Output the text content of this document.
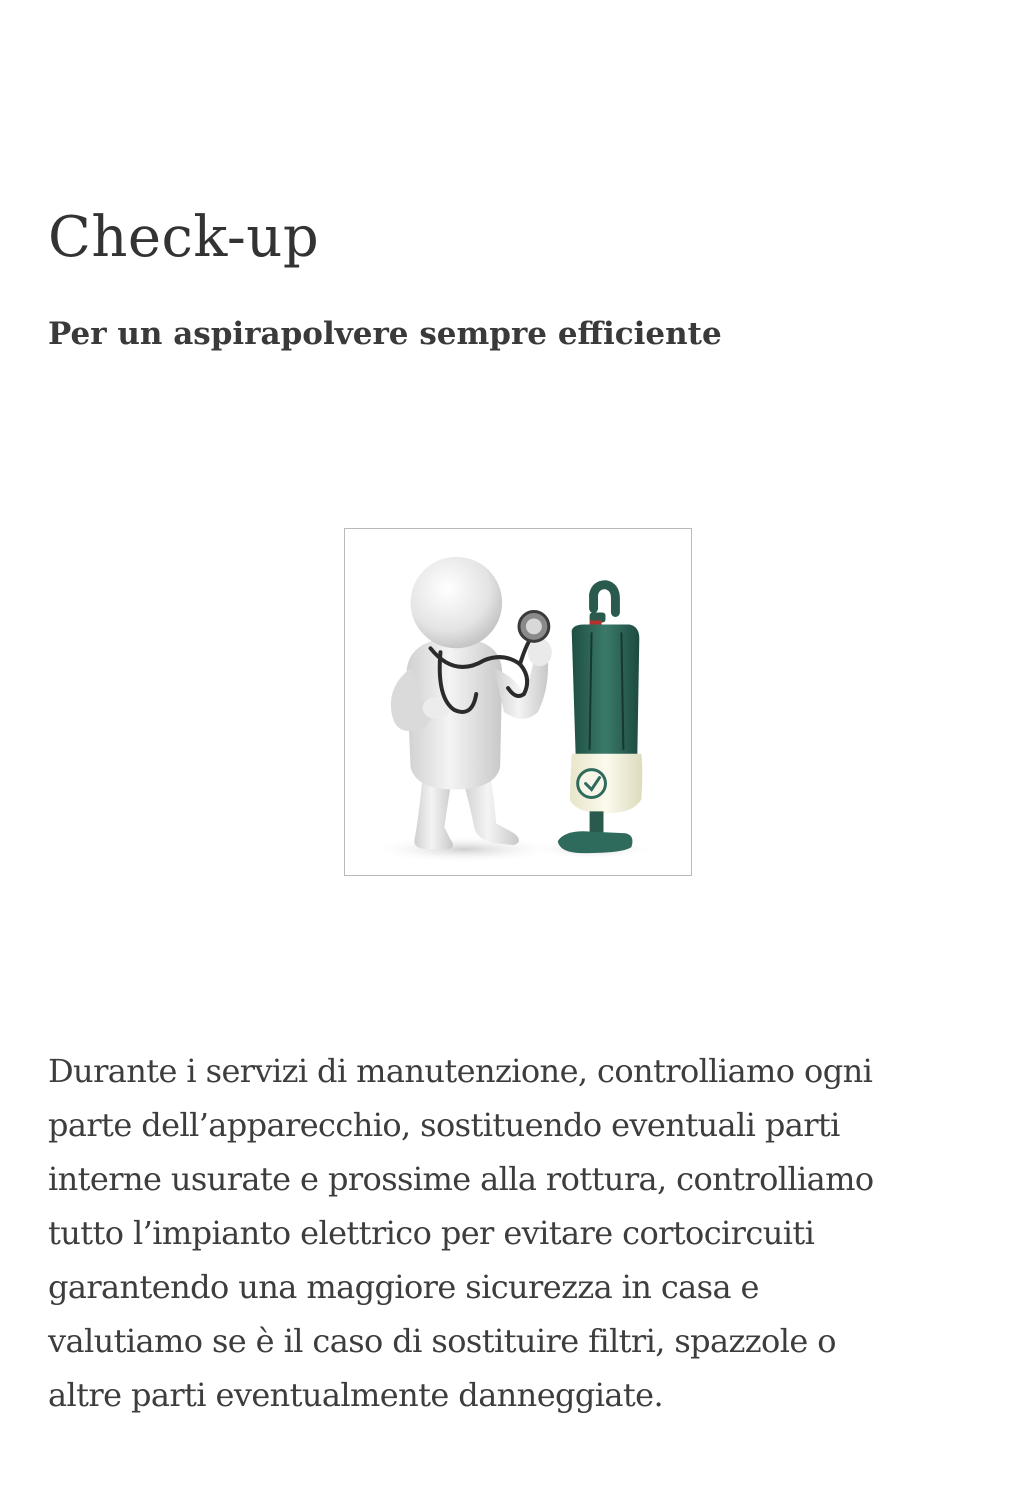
Check-up
Per un aspirapolvere sempre efficiente
Durante i servizi di manutenzione, controlliamo ogni
parte dell’apparecchio, sostituendo eventuali parti
interne usurate e prossime alla rottura, controlliamo
tutto l’impianto elettrico per evitare cortocircuiti
garantendo una maggiore sicurezza in casa e
valutiamo se è il caso di sostituire filtri, spazzole o
altre parti eventualmente danneggiate.
